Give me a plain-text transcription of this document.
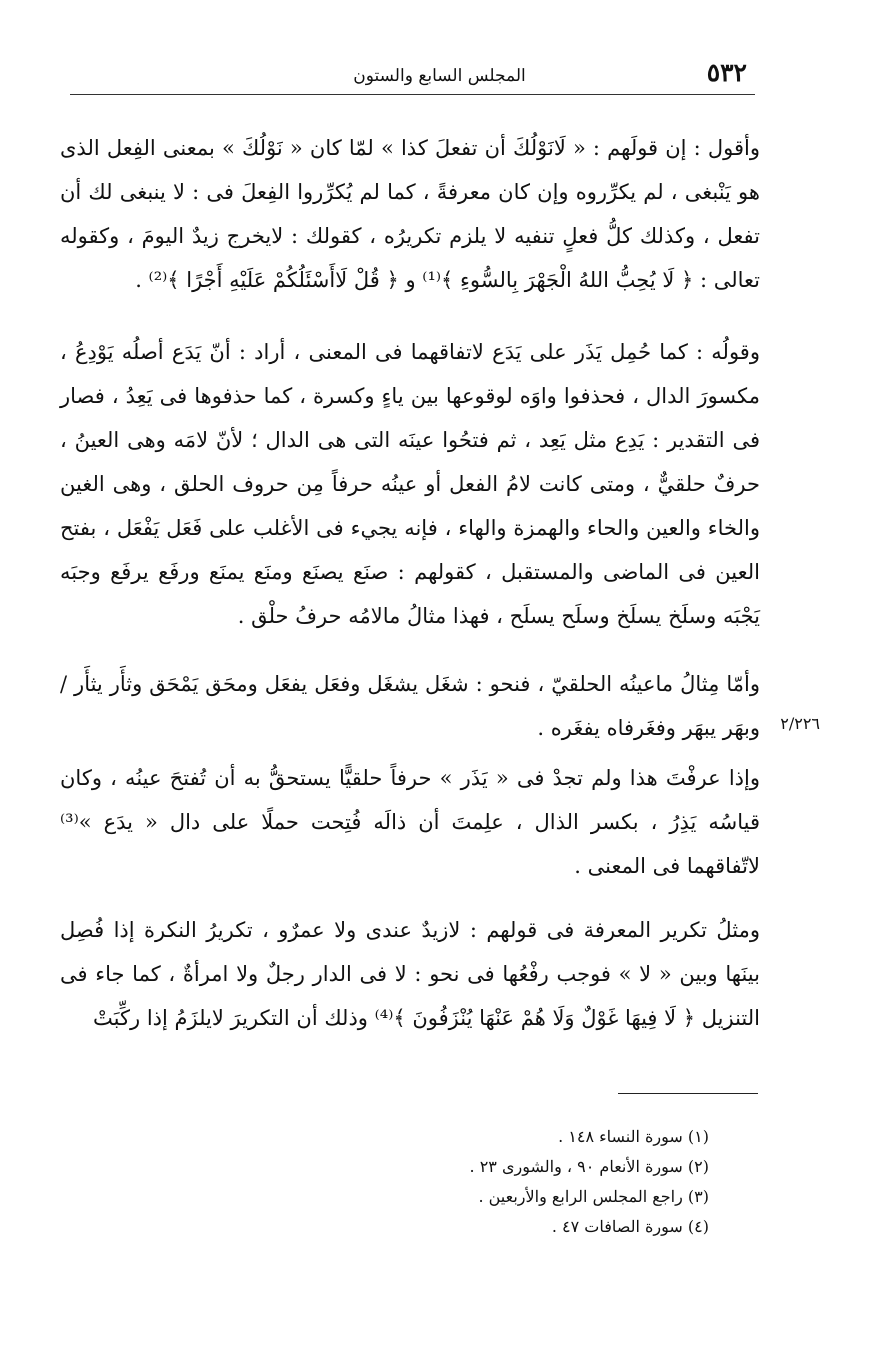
٥٣٢
المجلس السابع والستون

وأقول : إن قولَهم : « لَانَوْلُكَ أن تفعلَ كذا » لمّا كان « نَوْلُكَ » بمعنى الفِعل الذى هو يَنْبغى ، لم يكرِّروه وإن كان معرفةً ، كما لم يُكرِّروا الفِعلَ فى : لا ينبغى لك أن تفعل ، وكذلك كلُّ فعلٍ تنفيه لا يلزم تكريرُه ، كقولك : لايخرج زيدٌ اليومَ ، وكقوله تعالى : ﴿ لَا يُحِبُّ اللهُ الْجَهْرَ بِالسُّوءِ ﴾⁽¹⁾ و ﴿ قُلْ لَاأَسْئَلُكُمْ عَلَيْهِ أَجْرًا ﴾⁽²⁾ .

وقولُه : كما حُمِل يَذَر على يَدَع لاتفاقهما فى المعنى ، أراد : أنّ يَدَع أصلُه يَوْدِعُ ، مكسورَ الدال ، فحذفوا واوَه لوقوعها بين ياءٍ وكسرة ، كما حذفوها فى يَعِدُ ، فصار فى التقدير : يَدِع مثل يَعِد ، ثم فتحُوا عينَه التى هى الدال ؛ لأنّ لامَه وهى العينُ ، حرفٌ حلقيٌّ ، ومتى كانت لامُ الفعل أو عينُه حرفاً مِن حروف الحلق ، وهى الغين والخاء والعين والحاء والهمزة والهاء ، فإنه يجيء فى الأغلب على فَعَل يَفْعَل ، بفتح العين فى الماضى والمستقبل ، كقولهم : صنَع يصنَع ومنَع يمنَع ورفَع يرفَع وجبَه يَجْبَه وسلَخ يسلَخ وسلَح يسلَح ، فهذا مثالُ مالامُه حرفُ حلْق .

وأمّا مِثالُ ماعينُه الحلقيّ ، فنحو : شغَل يشغَل وفعَل يفعَل ومحَق يَمْحَق وثأَر يثأَر / وبهَر يبهَر وفغَرفاه يفغَره .

وإذا عرفْتَ هذا ولم تجدْ فى « يَذَر » حرفاً حلقيًّا يستحقُّ به أن تُفتحَ عينُه ، وكان قياسُه يَذِرُ ، بكسر الذال ، علِمتَ أن ذالَه فُتِحت حملًا على دال « يدَع »⁽³⁾ لاتّفاقهما فى المعنى .

ومثلُ تكرير المعرفة فى قولهم : لازيدٌ عندى ولا عمرٌو ، تكريرُ النكرة إذا فُصِل بينَها وبين « لا » فوجب رفْعُها فى نحو : لا فى الدار رجلٌ ولا امرأةٌ ، كما جاء فى التنزيل ﴿ لَا فِيهَا غَوْلٌ وَلَا هُمْ عَنْهَا يُنْزَفُونَ ﴾⁽⁴⁾ وذلك أن التكريرَ لايلزَمُ إذا ركِّبَتْ

٢/٢٢٦
(١) سورة النساء ١٤٨ .
(٢) سورة الأنعام ٩٠ ، والشورى ٢٣ .
(٣) راجع المجلس الرابع والأربعين .
(٤) سورة الصافات ٤٧ .
